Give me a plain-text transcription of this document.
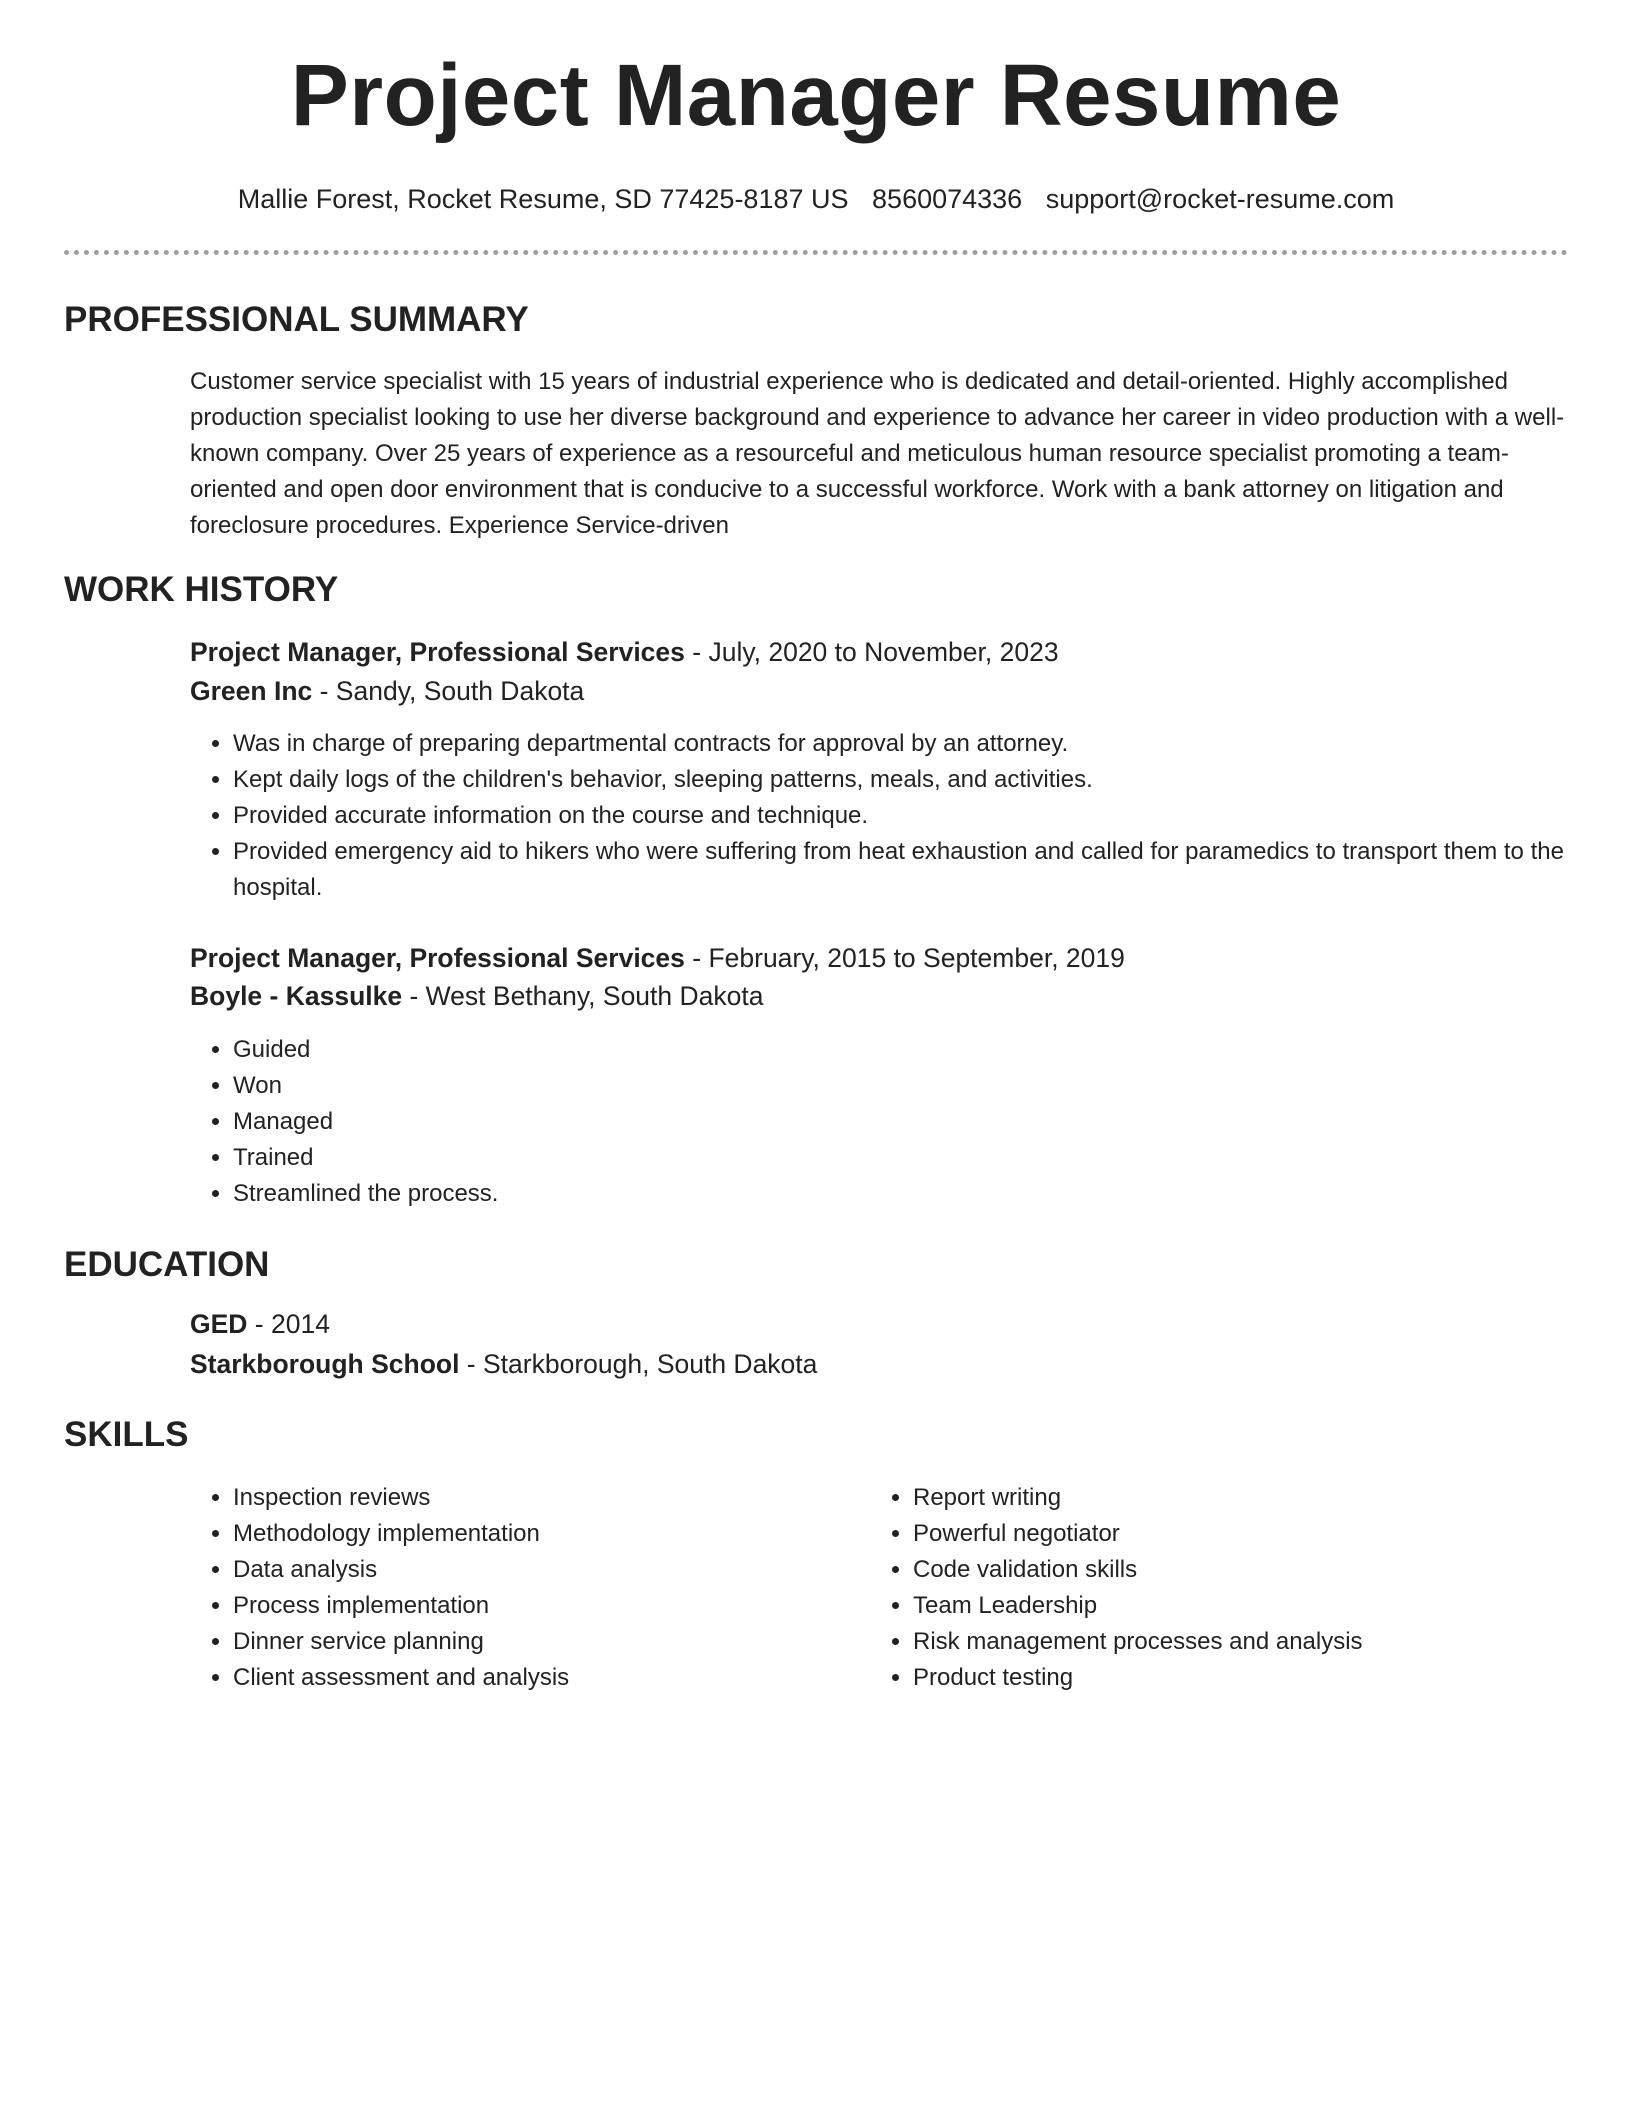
Project Manager Resume
Mallie Forest, Rocket Resume, SD 77425-8187 US 8560074336 support@rocket-resume.com
PROFESSIONAL SUMMARY
Customer service specialist with 15 years of industrial experience who is dedicated and detail-oriented. Highly accomplished production specialist looking to use her diverse background and experience to advance her career in video production with a well-known company. Over 25 years of experience as a resourceful and meticulous human resource specialist promoting a team-oriented and open door environment that is conducive to a successful workforce. Work with a bank attorney on litigation and foreclosure procedures. Experience Service-driven
WORK HISTORY
Project Manager, Professional Services - July, 2020 to November, 2023
Green Inc - Sandy, South Dakota
• Was in charge of preparing departmental contracts for approval by an attorney.
• Kept daily logs of the children's behavior, sleeping patterns, meals, and activities.
• Provided accurate information on the course and technique.
• Provided emergency aid to hikers who were suffering from heat exhaustion and called for paramedics to transport them to the hospital.
Project Manager, Professional Services - February, 2015 to September, 2019
Boyle - Kassulke - West Bethany, South Dakota
• Guided
• Won
• Managed
• Trained
• Streamlined the process.
EDUCATION
GED - 2014
Starkborough School - Starkborough, South Dakota
SKILLS
• Inspection reviews
• Methodology implementation
• Data analysis
• Process implementation
• Dinner service planning
• Client assessment and analysis
• Report writing
• Powerful negotiator
• Code validation skills
• Team Leadership
• Risk management processes and analysis
• Product testing
